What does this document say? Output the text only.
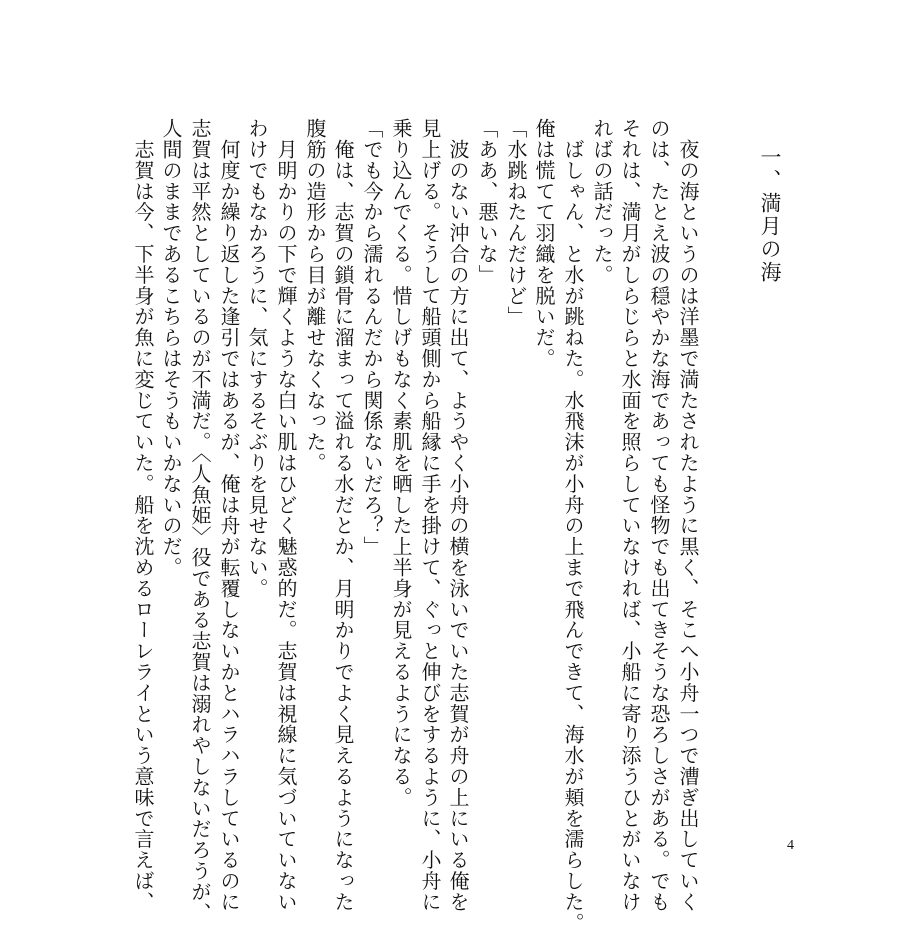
一、満月の海
　夜の海というのは洋墨で満たされたように黒く、そこへ小舟一つで漕ぎ出していく
のは、たとえ波の穏やかな海であっても怪物でも出てきそうな恐ろしさがある。でも
それは、満月がしらじらと水面を照らしていなければ、小船に寄り添うひとがいなけ
ればの話だった。
　ばしゃん、と水が跳ねた。水飛沫が小舟の上まで飛んできて、海水が頬を濡らした。
俺は慌てて羽織を脱いだ。
「水跳ねたんだけど」
「ああ、悪いな」
　波のない沖合の方に出て、ようやく小舟の横を泳いでいた志賀が舟の上にいる俺を
見上げる。そうして船頭側から船縁に手を掛けて、ぐっと伸びをするように、小舟に
乗り込んでくる。惜しげもなく素肌を晒した上半身が見えるようになる。
「でも今から濡れるんだから関係ないだろ？」
　俺は、志賀の鎖骨に溜まって溢れる水だとか、月明かりでよく見えるようになった
腹筋の造形から目が離せなくなった。
　月明かりの下で輝くような白い肌はひどく魅惑的だ。志賀は視線に気づいていない
わけでもなかろうに、気にするそぶりを見せない。
　何度か繰り返した逢引ではあるが、俺は舟が転覆しないかとハラハラしているのに
志賀は平然としているのが不満だ。〈人魚姫〉役である志賀は溺れやしないだろうが、
人間のままであるこちらはそうもいかないのだ。
　志賀は今、下半身が魚に変じていた。船を沈めるローレライという意味で言えば、	4
